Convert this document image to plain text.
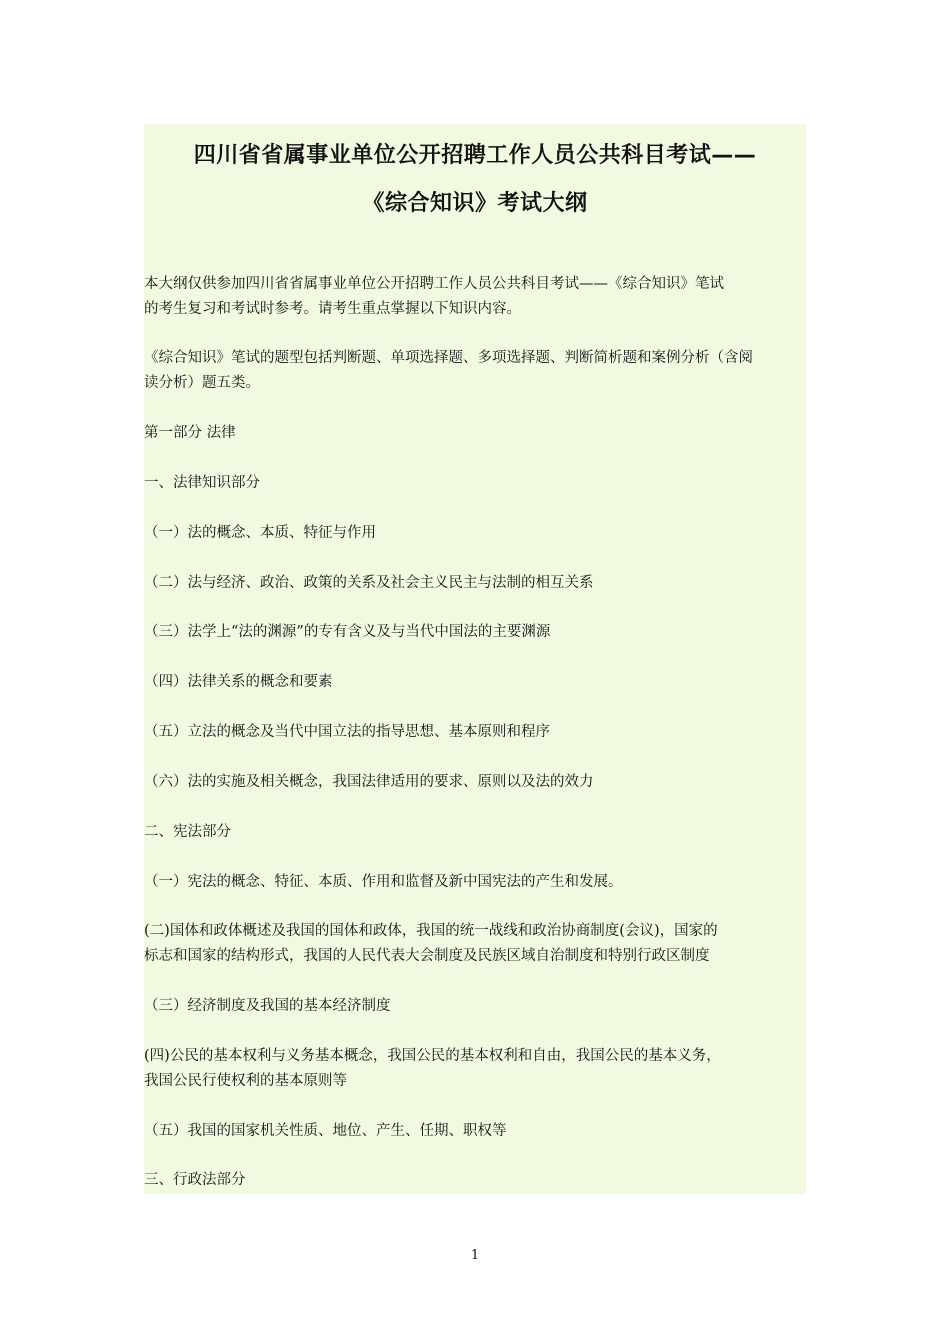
四川省省属事业单位公开招聘工作人员公共科目考试——
《综合知识》考试大纲
本大纲仅供参加四川省省属事业单位公开招聘工作人员公共科目考试——《综合知识》笔试
的考生复习和考试时参考。请考生重点掌握以下知识内容。
《综合知识》笔试的题型包括判断题、单项选择题、多项选择题、判断简析题和案例分析（含阅
读分析）题五类。
第一部分 法律
一、法律知识部分
（一）法的概念、本质、特征与作用
（二）法与经济、政治、政策的关系及社会主义民主与法制的相互关系
（三）法学上“法的渊源”的专有含义及与当代中国法的主要渊源
（四）法律关系的概念和要素
（五）立法的概念及当代中国立法的指导思想、基本原则和程序
（六）法的实施及相关概念，我国法律适用的要求、原则以及法的效力
二、宪法部分
（一）宪法的概念、特征、本质、作用和监督及新中国宪法的产生和发展。
(二)国体和政体概述及我国的国体和政体，我国的统一战线和政治协商制度(会议)，国家的
标志和国家的结构形式，我国的人民代表大会制度及民族区域自治制度和特别行政区制度
（三）经济制度及我国的基本经济制度
(四)公民的基本权利与义务基本概念，我国公民的基本权利和自由，我国公民的基本义务，
我国公民行使权利的基本原则等
（五）我国的国家机关性质、地位、产生、任期、职权等
三、行政法部分
1
